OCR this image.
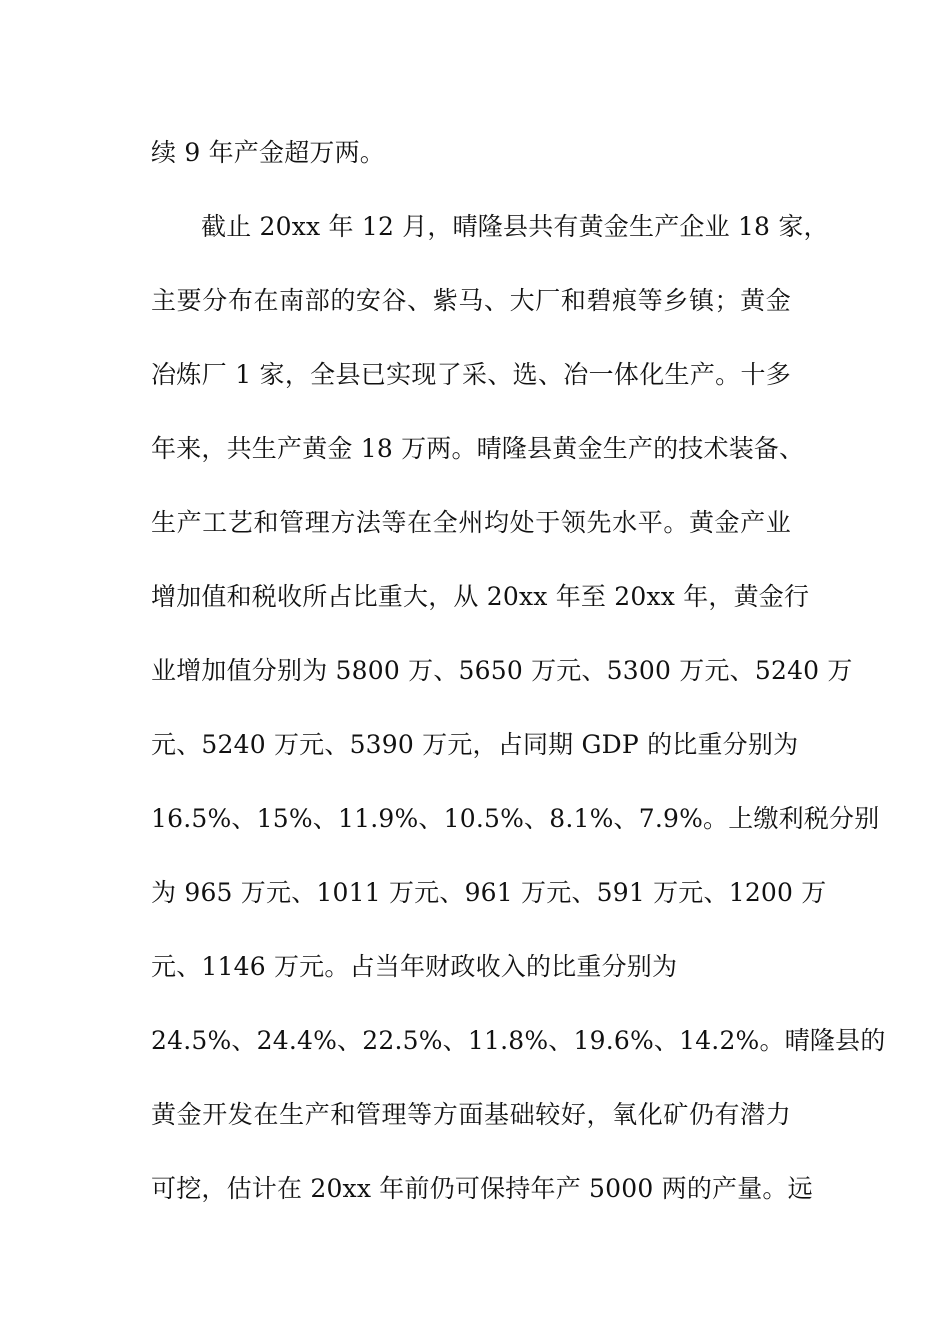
续 9 年产金超万两。
截止 20xx 年 12 月，晴隆县共有黄金生产企业 18 家，
主要分布在南部的安谷、紫马、大厂和碧痕等乡镇；黄金
冶炼厂 1 家，全县已实现了采、选、冶一体化生产。十多
年来，共生产黄金 18 万两。晴隆县黄金生产的技术装备、
生产工艺和管理方法等在全州均处于领先水平。黄金产业
增加值和税收所占比重大，从 20xx 年至 20xx 年，黄金行
业增加值分别为 5800 万、5650 万元、5300 万元、5240 万
元、5240 万元、5390 万元，占同期 GDP 的比重分别为
16.5%、15%、11.9%、10.5%、8.1%、7.9%。上缴利税分别
为 965 万元、1011 万元、961 万元、591 万元、1200 万
元、1146 万元。占当年财政收入的比重分别为
24.5%、24.4%、22.5%、11.8%、19.6%、14.2%。晴隆县的
黄金开发在生产和管理等方面基础较好，氧化矿仍有潜力
可挖，估计在 20xx 年前仍可保持年产 5000 两的产量。远
